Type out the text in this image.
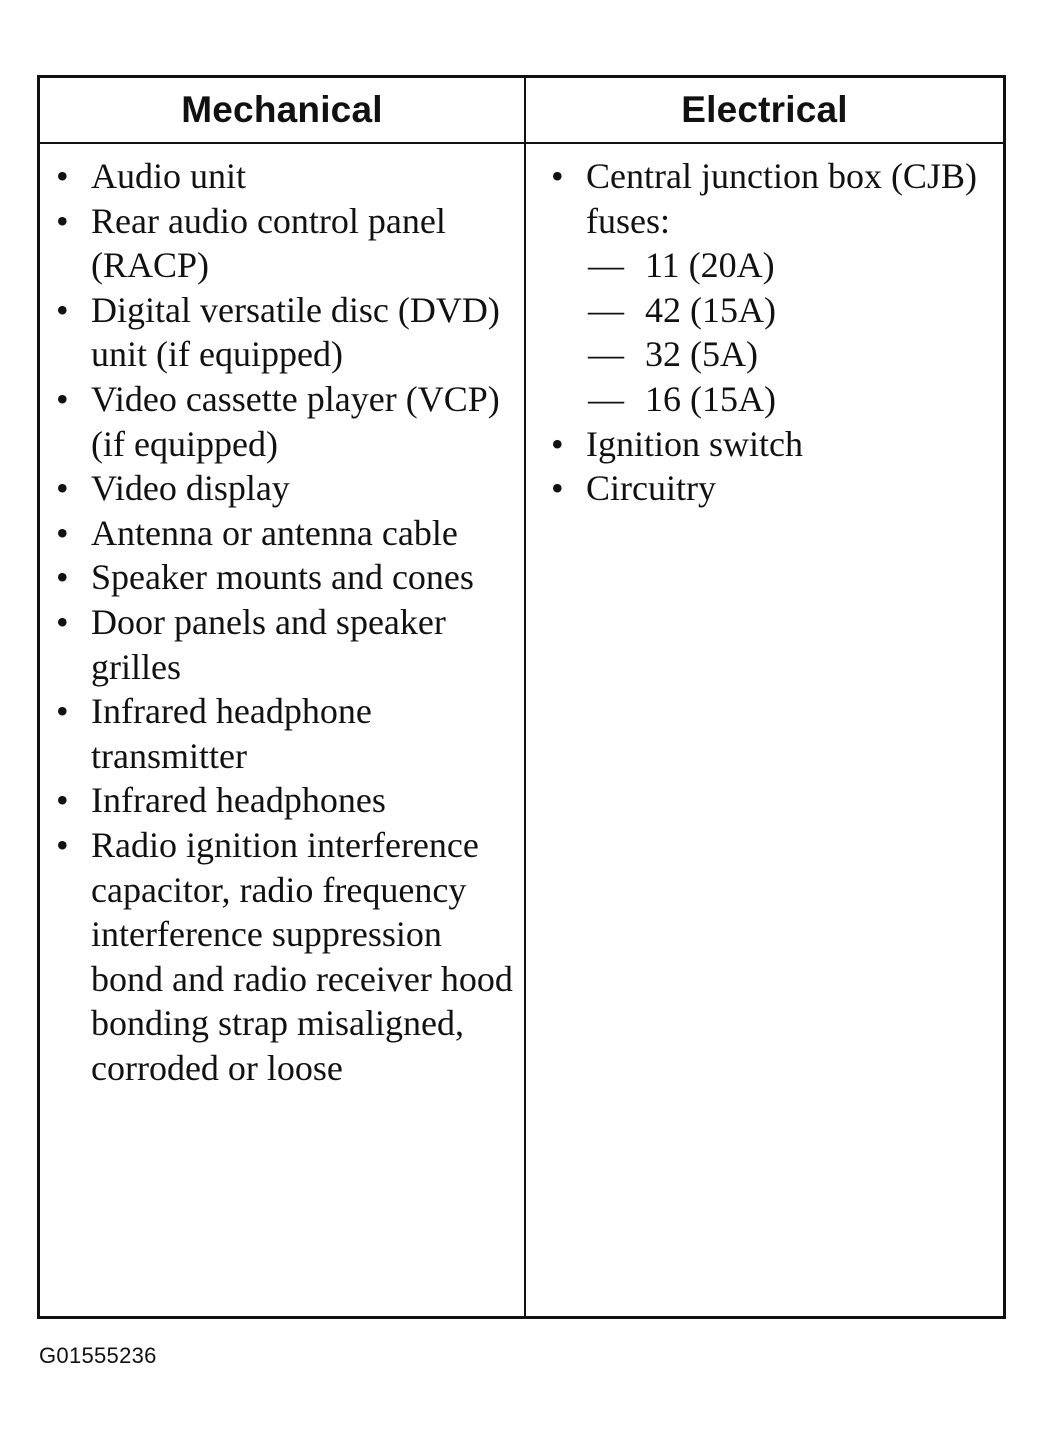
Mechanical	Electrical
• Audio unit
• Rear audio control panel (RACP)
• Digital versatile disc (DVD) unit (if equipped)
• Video cassette player (VCP) (if equipped)
• Video display
• Antenna or antenna cable
• Speaker mounts and cones
• Door panels and speaker grilles
• Infrared headphone transmitter
• Infrared headphones
• Radio ignition interference capacitor, radio frequency interference suppression bond and radio receiver hood bonding strap misaligned, corroded or loose
• Central junction box (CJB) fuses:
— 11 (20A)
— 42 (15A)
— 32 (5A)
— 16 (15A)
• Ignition switch
• Circuitry
G01555236
